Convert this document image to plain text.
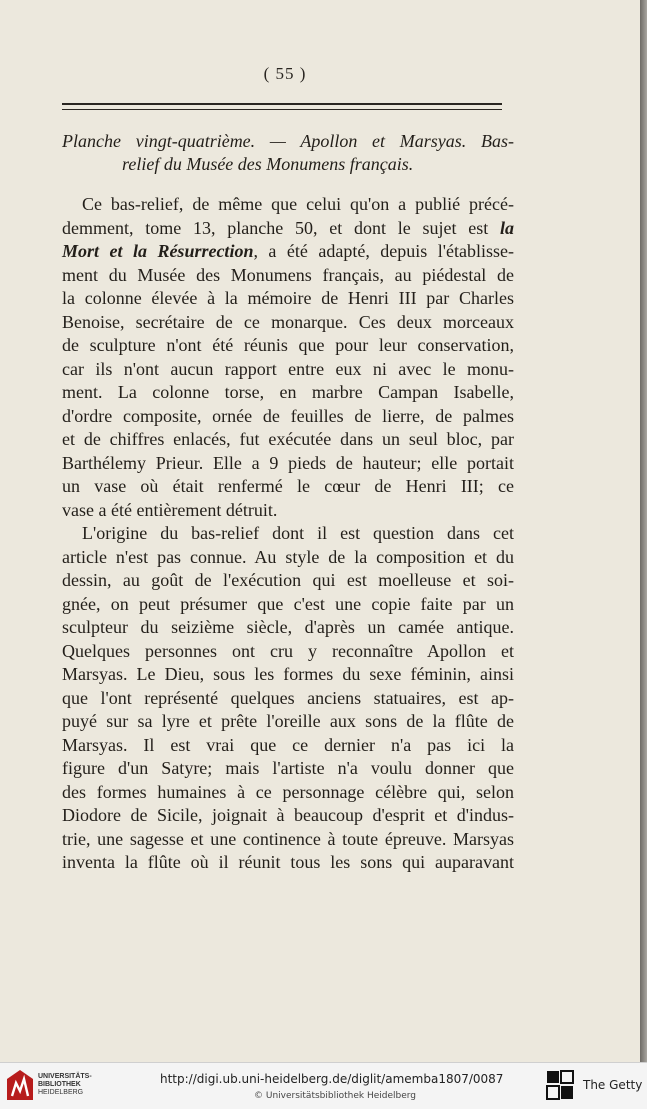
( 55 )
Planche vingt-quatrième. — Apollon et Marsyas. Bas-
relief du Musée des Monumens français.
Ce bas-relief, de même que celui qu'on a publié précé-
demment, tome 13, planche 50, et dont le sujet est la
Mort et la Résurrection, a été adapté, depuis l'établisse-
ment du Musée des Monumens français, au piédestal de
la colonne élevée à la mémoire de Henri III par Charles
Benoise, secrétaire de ce monarque. Ces deux morceaux
de sculpture n'ont été réunis que pour leur conservation,
car ils n'ont aucun rapport entre eux ni avec le monu-
ment. La colonne torse, en marbre Campan Isabelle,
d'ordre composite, ornée de feuilles de lierre, de palmes
et de chiffres enlacés, fut exécutée dans un seul bloc, par
Barthélemy Prieur. Elle a 9 pieds de hauteur; elle portait
un vase où était renfermé le cœur de Henri III; ce
vase a été entièrement détruit.
L'origine du bas-relief dont il est question dans cet
article n'est pas connue. Au style de la composition et du
dessin, au goût de l'exécution qui est moelleuse et soi-
gnée, on peut présumer que c'est une copie faite par un
sculpteur du seizième siècle, d'après un camée antique.
Quelques personnes ont cru y reconnaître Apollon et
Marsyas. Le Dieu, sous les formes du sexe féminin, ainsi
que l'ont représenté quelques anciens statuaires, est ap-
puyé sur sa lyre et prête l'oreille aux sons de la flûte de
Marsyas. Il est vrai que ce dernier n'a pas ici la
figure d'un Satyre; mais l'artiste n'a voulu donner que
des formes humaines à ce personnage célèbre qui, selon
Diodore de Sicile, joignait à beaucoup d'esprit et d'indus-
trie, une sagesse et une continence à toute épreuve. Marsyas
inventa la flûte où il réunit tous les sons qui auparavant
UNIVERSITÄTS-
BIBLIOTHEK
HEIDELBERG
http://digi.ub.uni-heidelberg.de/diglit/amemba1807/0087
© Universitätsbibliothek Heidelberg
The Getty
